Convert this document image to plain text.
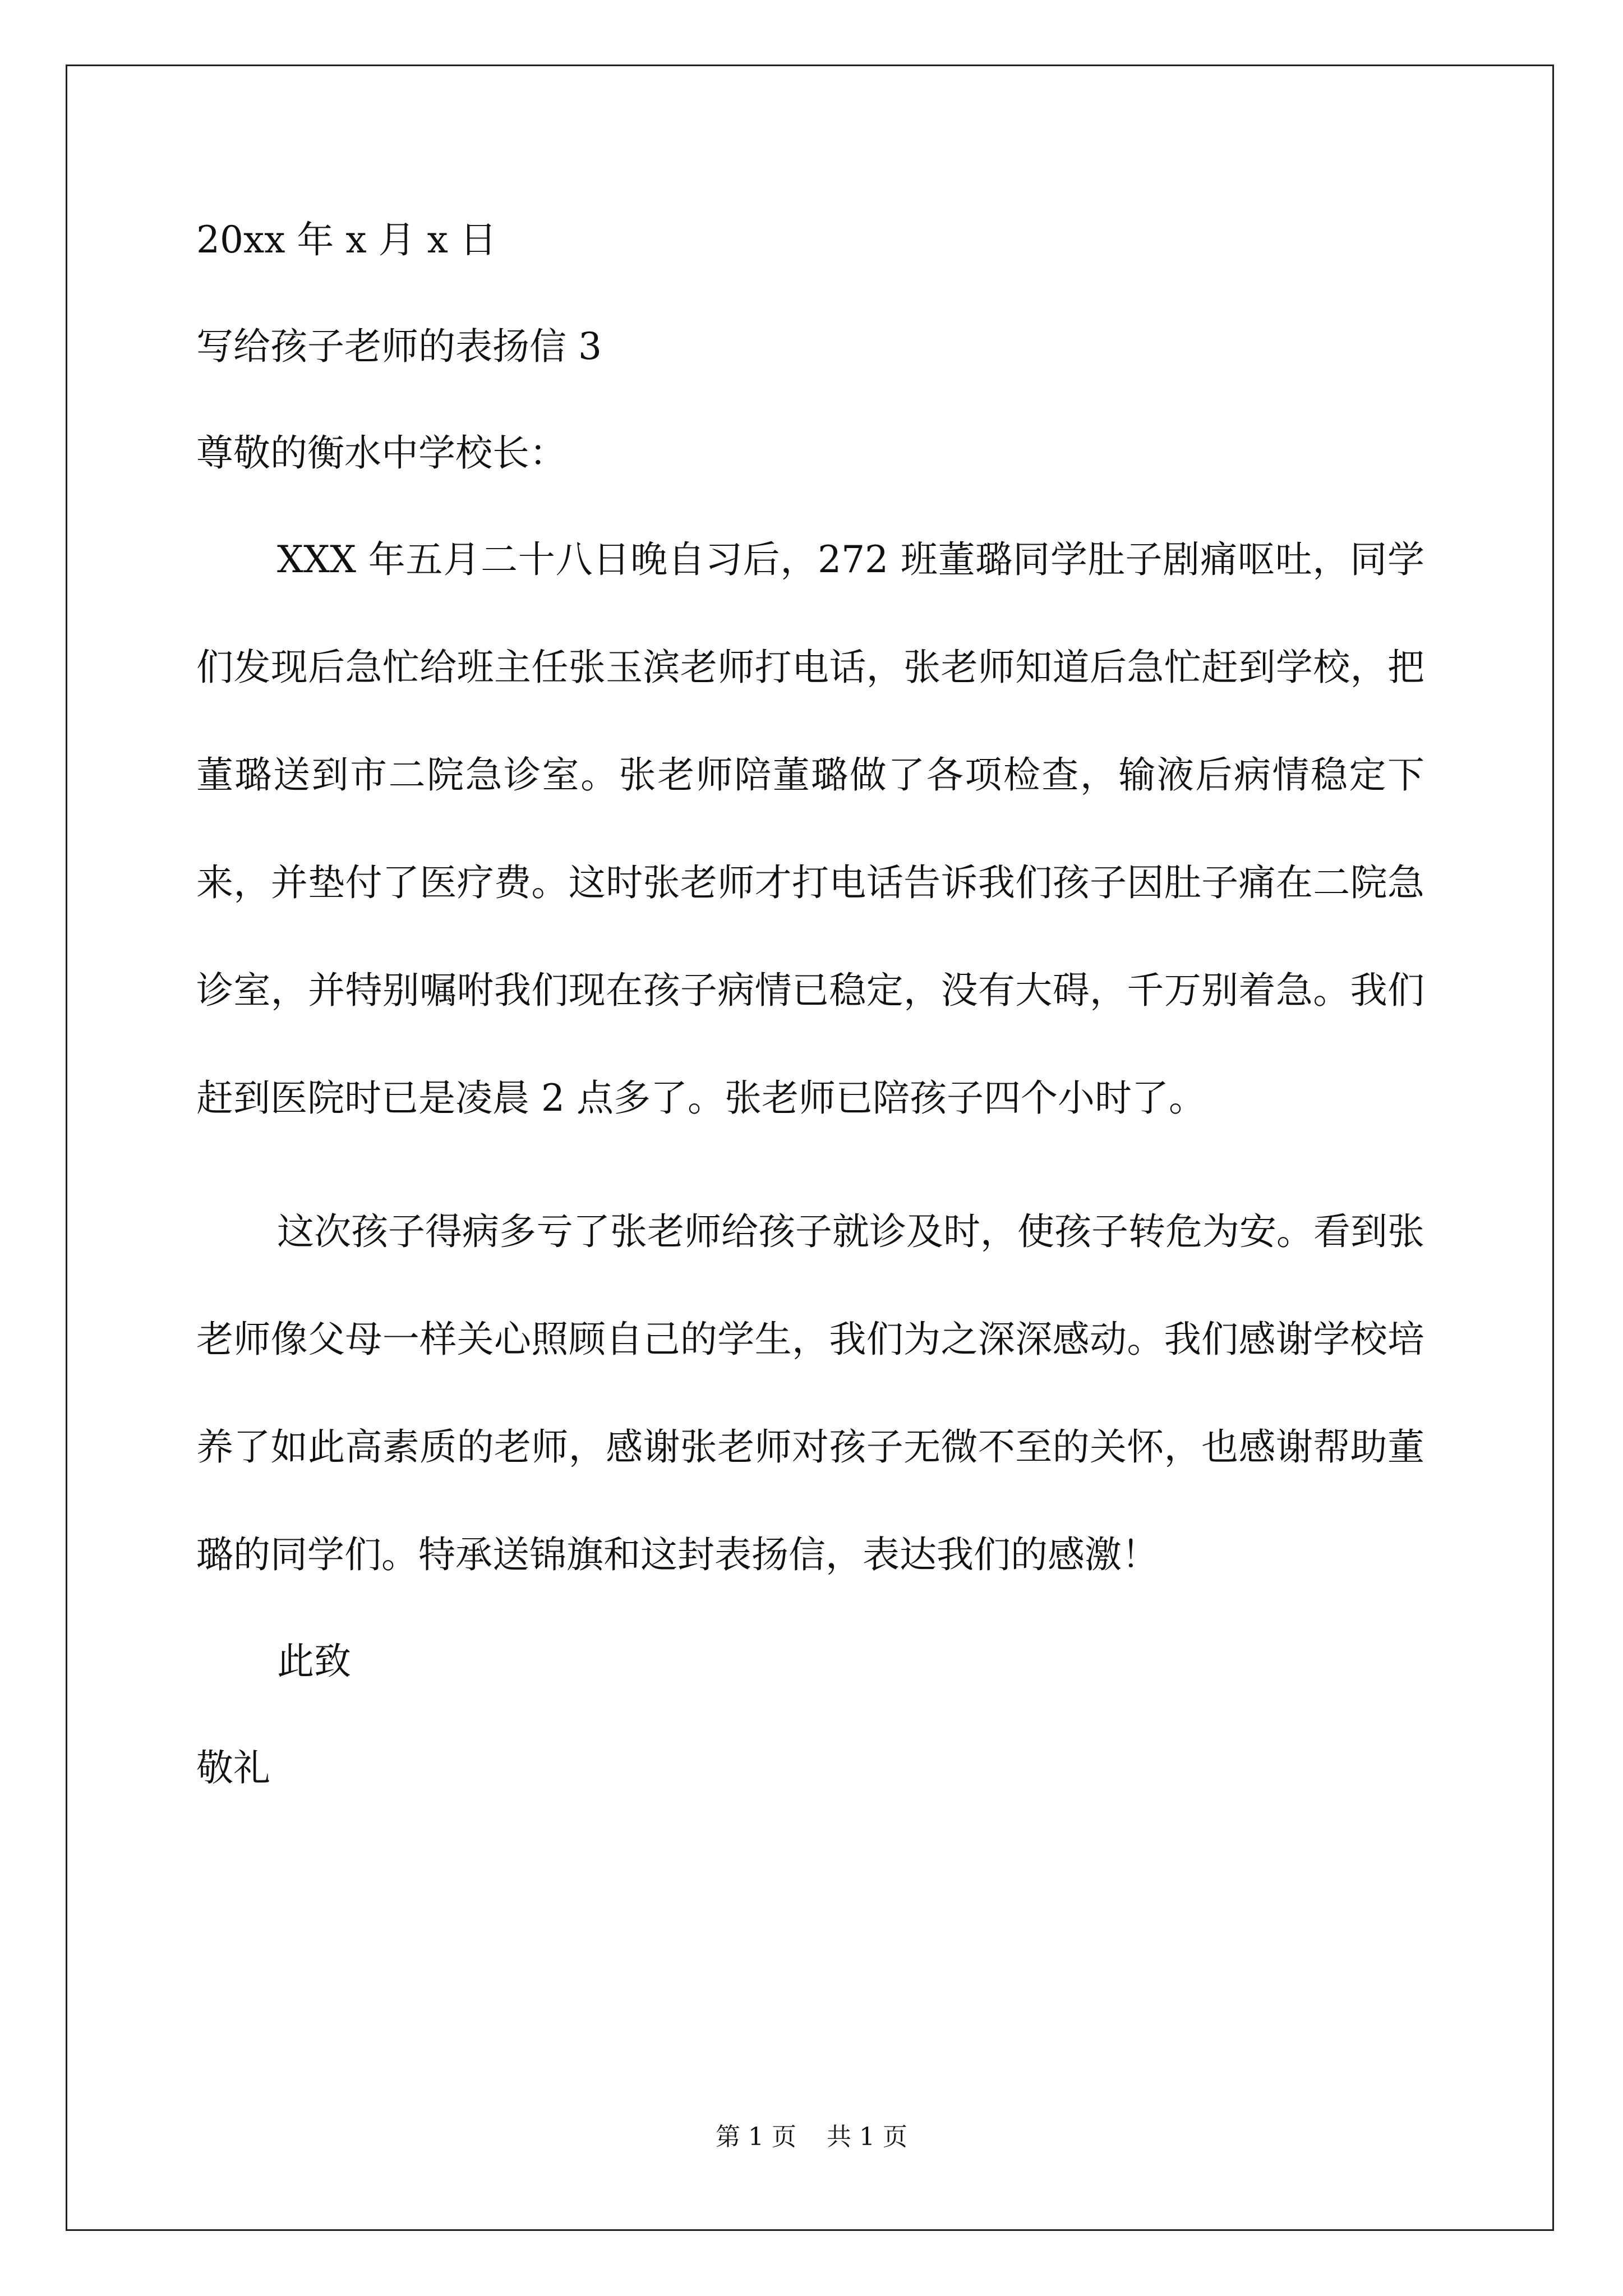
20xx 年 x 月 x 日

写给孩子老师的表扬信 3

尊敬的衡水中学校长：

XXX 年五月二十八日晚自习后，272 班董璐同学肚子剧痛呕吐，同学们发现后急忙给班主任张玉滨老师打电话，张老师知道后急忙赶到学校，把董璐送到市二院急诊室。张老师陪董璐做了各项检查，输液后病情稳定下来，并垫付了医疗费。这时张老师才打电话告诉我们孩子因肚子痛在二院急诊室，并特别嘱咐我们现在孩子病情已稳定，没有大碍，千万别着急。我们赶到医院时已是凌晨 2 点多了。张老师已陪孩子四个小时了。

这次孩子得病多亏了张老师给孩子就诊及时，使孩子转危为安。看到张老师像父母一样关心照顾自己的学生，我们为之深深感动。我们感谢学校培养了如此高素质的老师，感谢张老师对孩子无微不至的关怀，也感谢帮助董璐的同学们。特承送锦旗和这封表扬信，表达我们的感激！

此致

敬礼

第 1 页 共 1 页
